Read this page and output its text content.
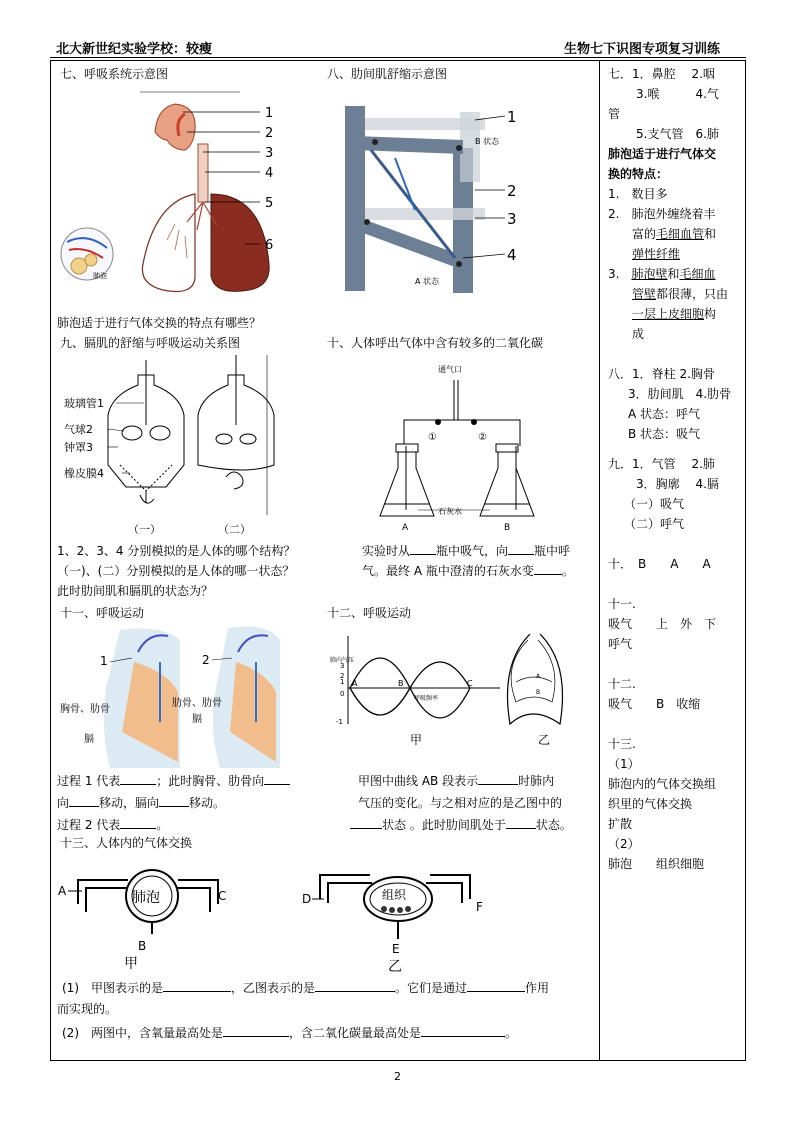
北大新世纪实验学校：较瘦	生物七下识图专项复习训练
七、呼吸系统示意图
肺泡
1
2
3
4
5
6
肺泡适于进行气体交换的特点有哪些？
八、肋间肌舒缩示意图
B 状态
A 状态
1
2
3
4
九、膈肌的舒缩与呼吸运动关系图
玻璃管1
气球2
钟罩3
橡皮膜4
（一）	（二）
1、2、3、4 分别模拟的是人体的哪个结构？
（一)、(二）分别模拟的是人体的哪一状态？
此时肋间肌和膈肌的状态为？
十、人体呼出气体中含有较多的二氧化碳
通气口
①	②
石灰水
A	B
实验时从 瓶中吸气，向 瓶中呼
气。最终 A 瓶中澄清的石灰水变 。
十一、呼吸运动
1
胸骨、肋骨
膈
2
肋骨、肋骨
膈
过程 1 代表	；此时胸骨、肋骨向
向	移动，膈向	移动。
过程 2 代表	。
十二、呼吸运动
肺内气压
3
2
1
0
-1
A	B	C
呼吸频率
甲
A
B
乙
甲图中曲线 AB 段表示	时肺内
气压的变化。与之相对应的是乙图中的
状态 。此时肋间肌处于	状态。
十三、人体内的气体交换
肺泡
A	C
B
甲
组织
D
F
E
乙
(1)　甲图表示的是	，乙图表示的是	。它们是通过	作用
而实现的。
(2)　两图中，含氧量最高处是	，含二氧化碳量最高处是	。
七．1．鼻腔　 2.咽
3.喉　　　4.气
管
5.支气管　6.肺
肺泡适于进行气体交
换的特点：
1.　数目多
2.　肺泡外缠绕着丰
富的毛细血管和
弹性纤维
3.　肺泡壁和毛细血
管壁都很薄，只由
一层上皮细胞构
成
八．1．脊柱 2.胸骨
3．肋间肌　4.肋骨
A 状态：呼气
B 状态：吸气
九．1．气管　 2.肺
3．胸廓　 4.膈
（一）吸气
（二）呼气
十．　B　　A　　A
十一.
吸气　　上　外　下
呼气
十二.
吸气　　B　收缩
十三.
（1）
肺泡内的气体交换组
织里的气体交换
扩散
（2）
肺泡　　组织细胞
2
